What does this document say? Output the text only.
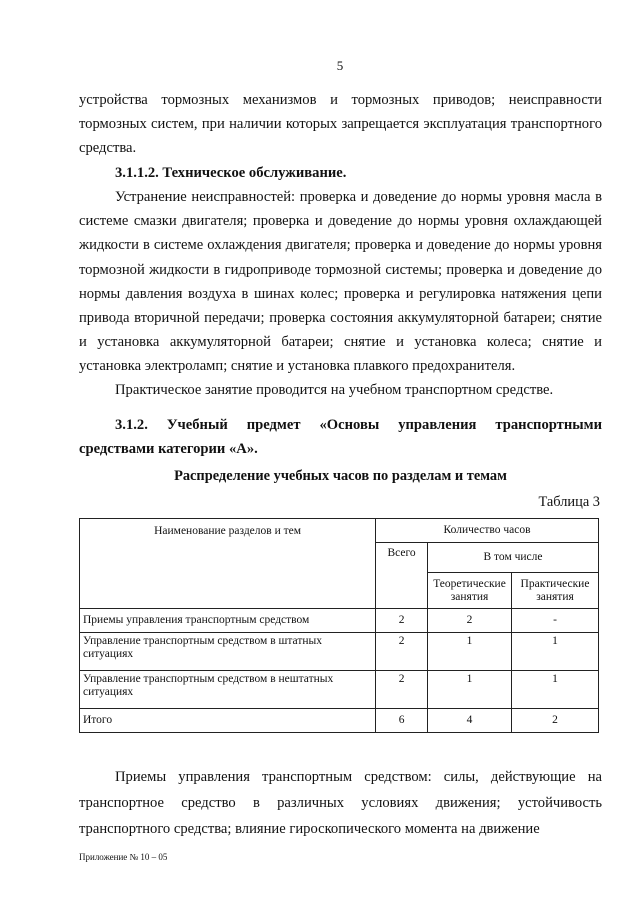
5

устройства тормозных механизмов и тормозных приводов; неисправности тормозных систем, при наличии которых запрещается эксплуатация транспортного средства.

3.1.1.2. Техническое обслуживание.

Устранение неисправностей: проверка и доведение до нормы уровня масла в системе смазки двигателя; проверка и доведение до нормы уровня охлаждающей жидкости в системе охлаждения двигателя; проверка и доведение до нормы уровня тормозной жидкости в гидроприводе тормозной системы; проверка и доведение до нормы давления воздуха в шинах колес; проверка и регулировка натяжения цепи привода вторичной передачи; проверка состояния аккумуляторной батареи; снятие и установка аккумуляторной батареи; снятие и установка колеса; снятие и установка электроламп; снятие и установка плавкого предохранителя.

Практическое занятие проводится на учебном транспортном средстве.

3.1.2. Учебный предмет «Основы управления транспортными средствами категории «А».

Распределение учебных часов по разделам и темам
Таблица 3
Наименование разделов и тем	Количество часов		
	Всего	В том числе	
		Теоретические занятия	Практические занятия
Приемы управления транспортным средством	2	2	-
Управление транспортным средством в штатных ситуациях	2	1	1
Управление транспортным средством в нештатных ситуациях	2	1	1
Итого	6	4	2

Приемы управления транспортным средством: силы, действующие на транспортное средство в различных условиях движения; устойчивость транспортного средства; влияние гироскопического момента на движение

Приложение № 10 – 05
